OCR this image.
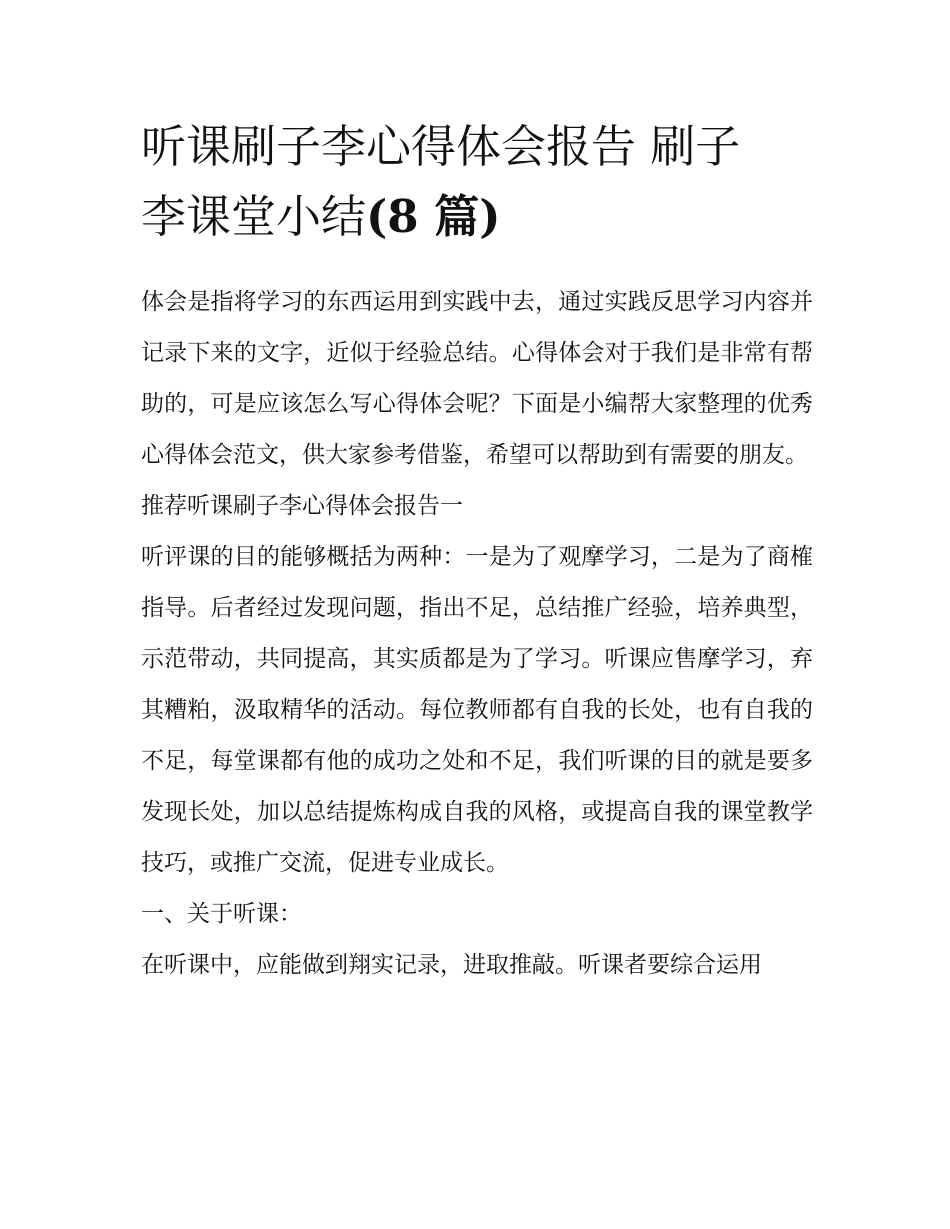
听课刷子李心得体会报告 刷子
李课堂小结(8 篇)

体会是指将学习的东西运用到实践中去，通过实践反思学习内容并记录下来的文字，近似于经验总结。心得体会对于我们是非常有帮助的，可是应该怎么写心得体会呢？下面是小编帮大家整理的优秀心得体会范文，供大家参考借鉴，希望可以帮助到有需要的朋友。

推荐听课刷子李心得体会报告一

听评课的目的能够概括为两种：一是为了观摩学习，二是为了商榷指导。后者经过发现问题，指出不足，总结推广经验，培养典型，示范带动，共同提高，其实质都是为了学习。听课应售摩学习，弃其糟粕，汲取精华的活动。每位教师都有自我的长处，也有自我的不足，每堂课都有他的成功之处和不足，我们听课的目的就是要多发现长处，加以总结提炼构成自我的风格，或提高自我的课堂教学技巧，或推广交流，促进专业成长。

一、关于听课：

在听课中，应能做到翔实记录，进取推敲。听课者要综合运用
